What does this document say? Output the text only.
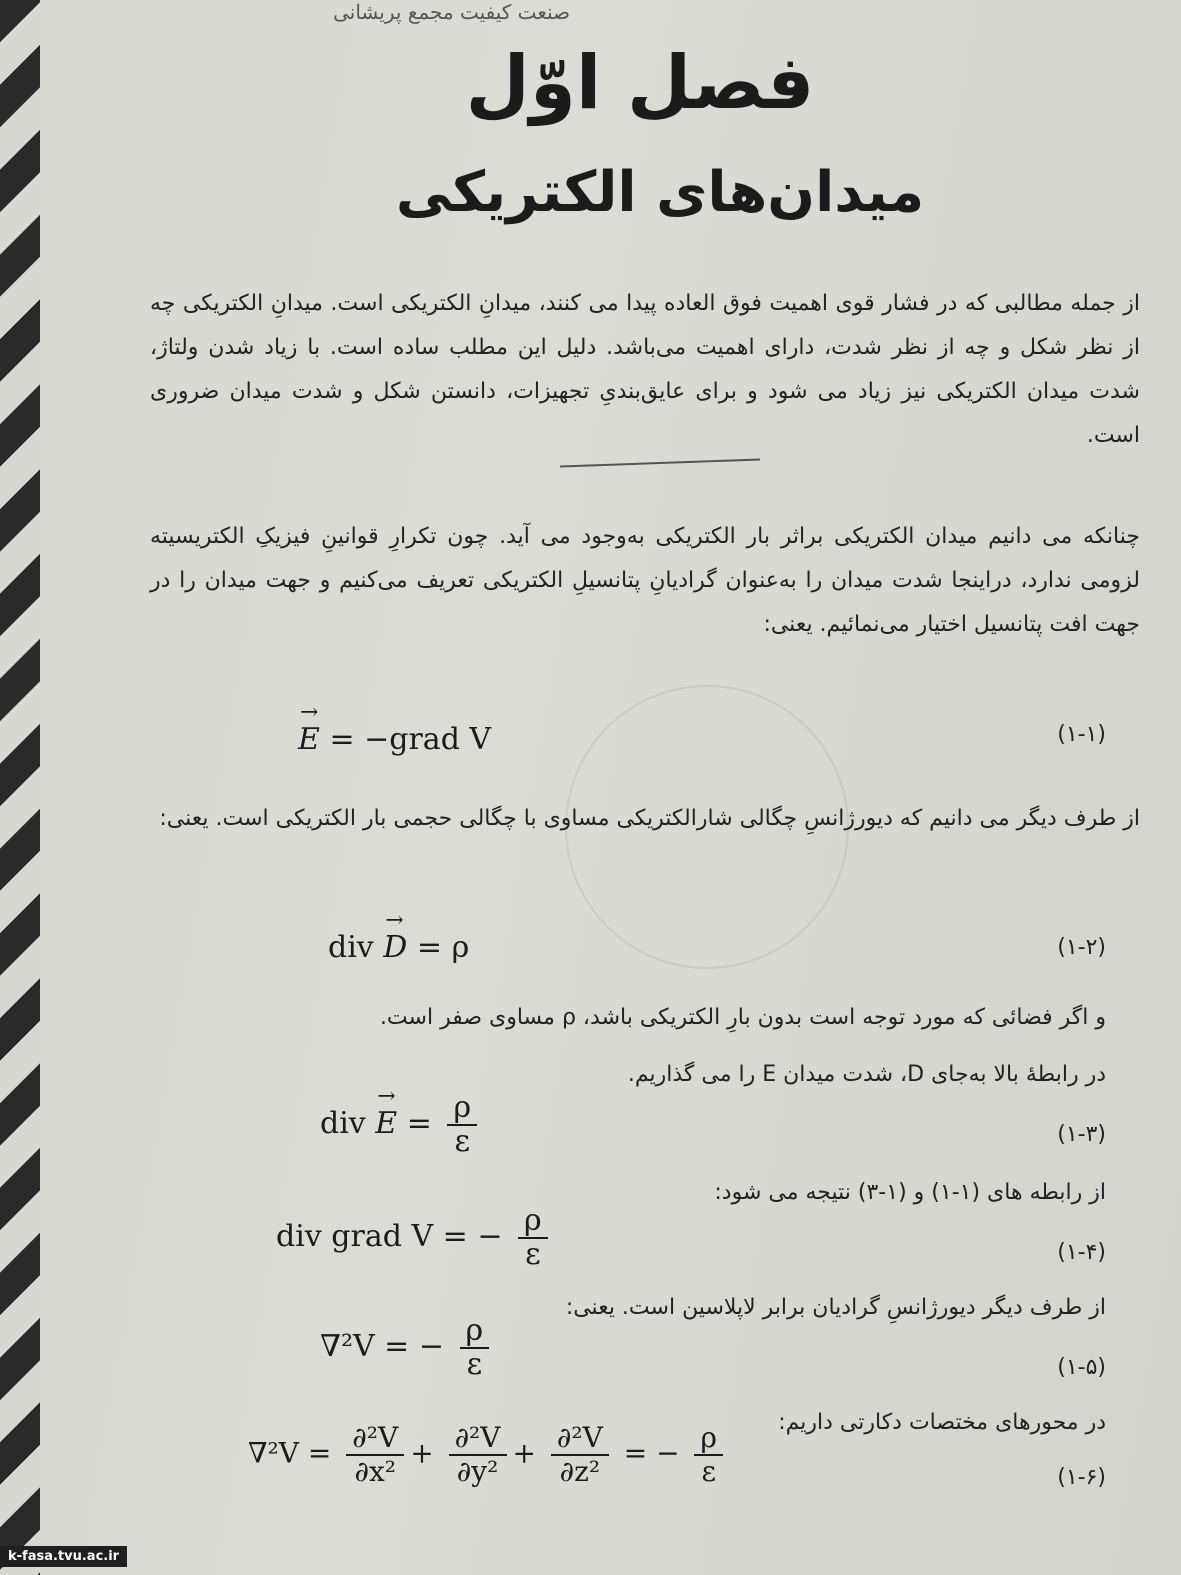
صنعت کیفیت مجمع پریشانی
فصل اوّل
میدان‌های الکتریکی
از جمله مطالبی که در فشار قوی اهمیت فوق العاده پیدا می کنند، میدانِ الکتریکی است. میدانِ الکتریکی چه از نظر شکل و چه از نظر شدت، دارای اهمیت می‌باشد. دلیل این مطلب ساده است. با زیاد شدن ولتاژ، شدت میدان الکتریکی نیز زیاد می شود و برای عایق‌بندیِ تجهیزات، دانستن شکل و شدت میدان ضروری است.
چنانکه می دانیم میدان الکتریکی براثر بار الکتریکی به‌وجود می آید. چون تکرارِ قوانینِ فیزیکِ الکتریسیته لزومی ندارد، دراینجا شدت میدان را به‌عنوان گرادیانِ پتانسیلِ الکتریکی تعریف می‌کنیم و جهت میدان را در جهت افت پتانسیل اختیار می‌نمائیم. یعنی:
→ E = −grad V	(۱-۱)
از طرف دیگر می دانیم که دیورژانسِ چگالی شارالکتریکی مساوی با چگالی حجمی بار الکتریکی است. یعنی:
div → D = ρ	(۱-۲)
و اگر فضائی که مورد توجه است بدون بارِ الکتریکی باشد، ρ مساوی صفر است.
در رابطهٔ بالا به‌جای D، شدت میدان E را می گذاریم.
div → $E = \frac{\rho}{\varepsilon}$	(۱-۳)
از رابطه های (۱-۱) و (۱-۳) نتیجه می شود:
div grad V = − $\frac{\rho}{\varepsilon}$	(۱-۴)
از طرف دیگر دیورژانسِ گرادیان برابر لاپلاسین است. یعنی:
∇²V = − $\frac{\rho}{\varepsilon}$	(۱-۵)
در محورهای مختصات دکارتی داریم:
$\nabla^2V = \frac{\text{∂²V}}{\text{∂x²}} + \frac{\text{∂²V}}{\text{∂y²}} + \frac{\text{∂²V}}{\text{∂z²}}$ = − $\frac{\rho}{\varepsilon}$	(۱-۶)
k-fasa.tvu.ac.ir
